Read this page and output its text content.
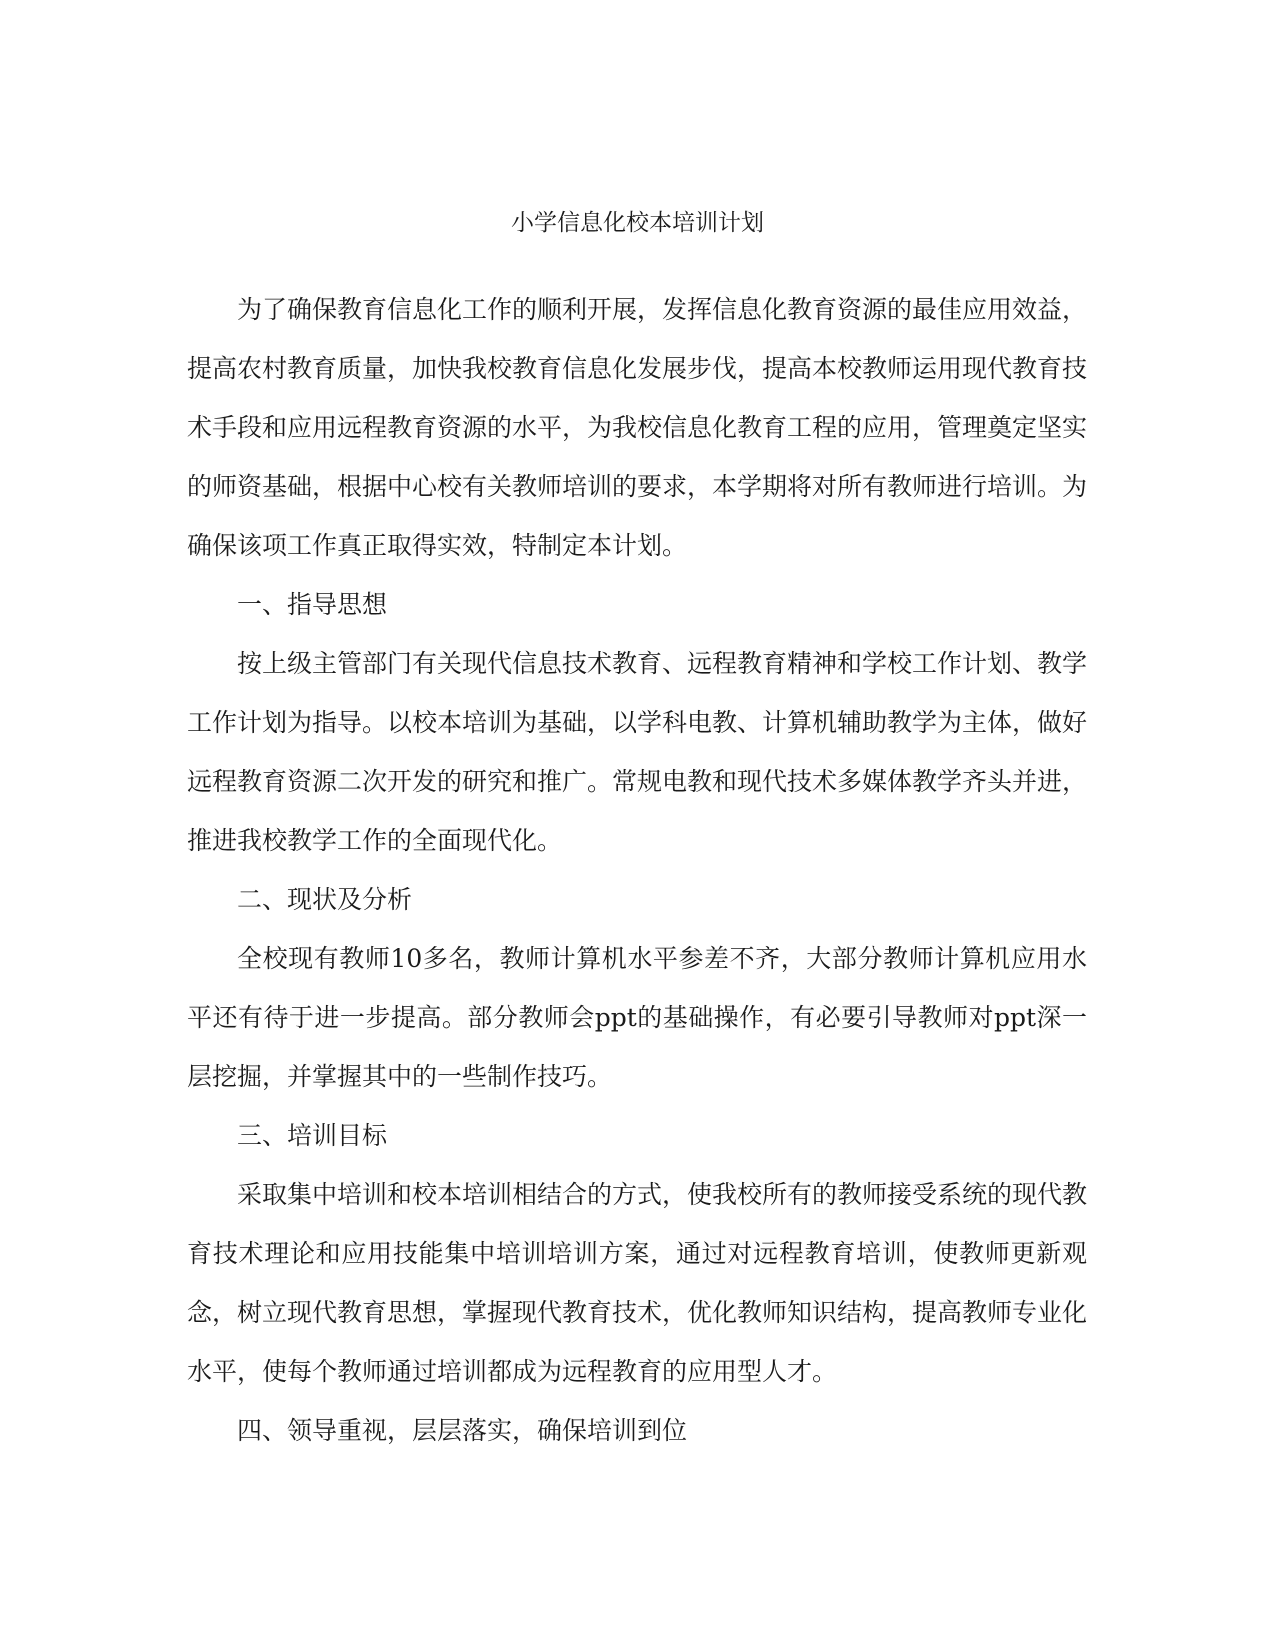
小学信息化校本培训计划

为了确保教育信息化工作的顺利开展，发挥信息化教育资源的最佳应用效益，提高农村教育质量，加快我校教育信息化发展步伐，提高本校教师运用现代教育技术手段和应用远程教育资源的水平，为我校信息化教育工程的应用，管理奠定坚实的师资基础，根据中心校有关教师培训的要求，本学期将对所有教师进行培训。为确保该项工作真正取得实效，特制定本计划。

一、指导思想

按上级主管部门有关现代信息技术教育、远程教育精神和学校工作计划、教学工作计划为指导。以校本培训为基础，以学科电教、计算机辅助教学为主体，做好远程教育资源二次开发的研究和推广。常规电教和现代技术多媒体教学齐头并进，推进我校教学工作的全面现代化。

二、现状及分析

全校现有教师10多名，教师计算机水平参差不齐，大部分教师计算机应用水平还有待于进一步提高。部分教师会ppt的基础操作，有必要引导教师对ppt深一层挖掘，并掌握其中的一些制作技巧。

三、培训目标

采取集中培训和校本培训相结合的方式，使我校所有的教师接受系统的现代教育技术理论和应用技能集中培训培训方案，通过对远程教育培训，使教师更新观念，树立现代教育思想，掌握现代教育技术，优化教师知识结构，提高教师专业化水平，使每个教师通过培训都成为远程教育的应用型人才。

四、领导重视，层层落实，确保培训到位
